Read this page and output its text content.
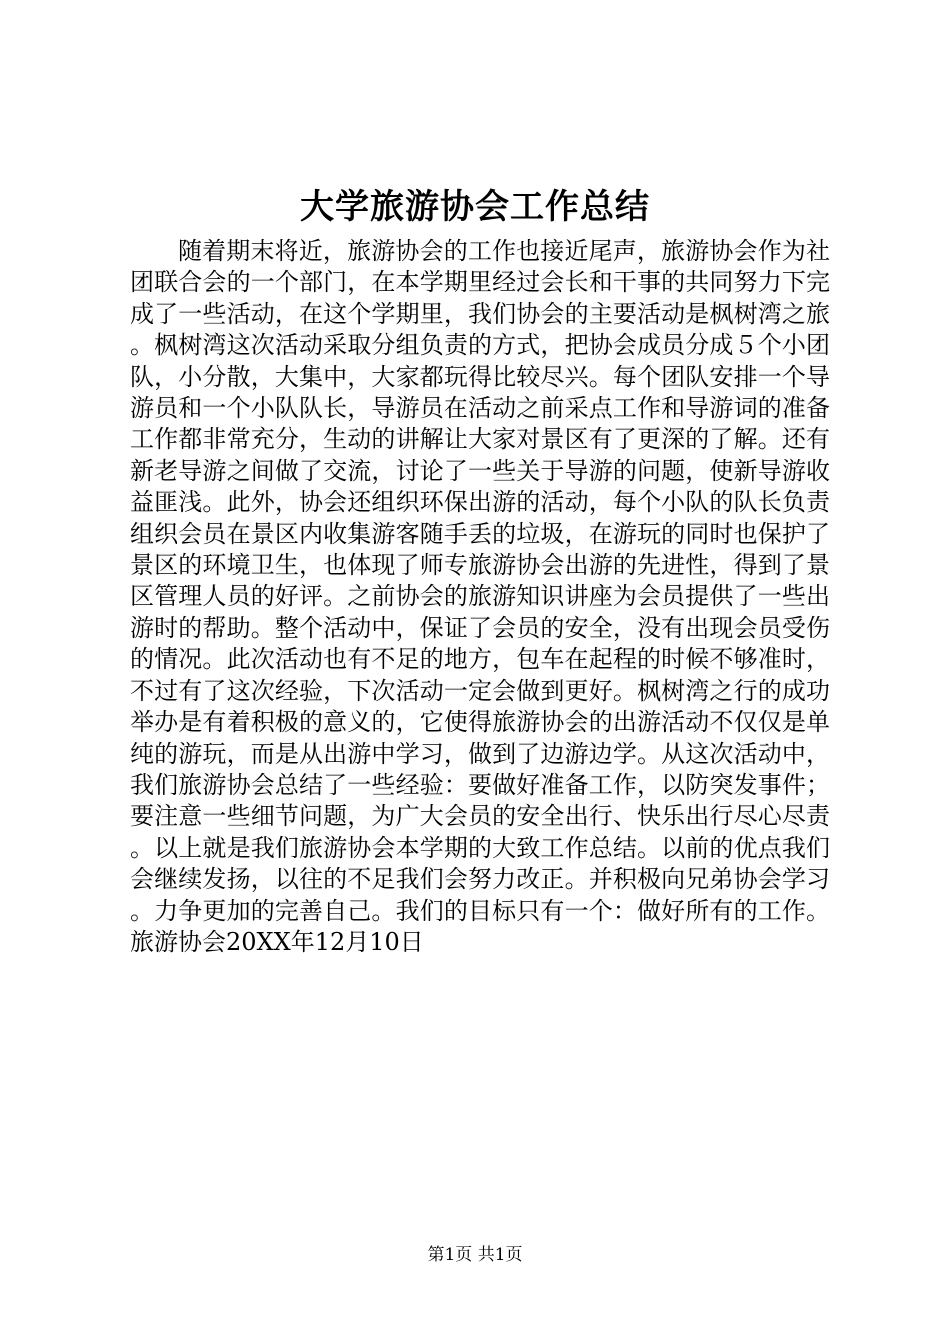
大学旅游协会工作总结

随着期末将近，旅游协会的工作也接近尾声，旅游协会作为社团联合会的一个部门，在本学期里经过会长和干事的共同努力下完成了一些活动，在这个学期里，我们协会的主要活动是枫树湾之旅。枫树湾这次活动采取分组负责的方式，把协会成员分成５个小团队，小分散，大集中，大家都玩得比较尽兴。每个团队安排一个导游员和一个小队队长，导游员在活动之前采点工作和导游词的准备工作都非常充分，生动的讲解让大家对景区有了更深的了解。还有新老导游之间做了交流，讨论了一些关于导游的问题，使新导游收益匪浅。此外，协会还组织环保出游的活动，每个小队的队长负责组织会员在景区内收集游客随手丢的垃圾，在游玩的同时也保护了景区的环境卫生，也体现了师专旅游协会出游的先进性，得到了景区管理人员的好评。之前协会的旅游知识讲座为会员提供了一些出游时的帮助。整个活动中，保证了会员的安全，没有出现会员受伤的情况。此次活动也有不足的地方，包车在起程的时候不够准时，不过有了这次经验，下次活动一定会做到更好。枫树湾之行的成功举办是有着积极的意义的，它使得旅游协会的出游活动不仅仅是单纯的游玩，而是从出游中学习，做到了边游边学。从这次活动中，我们旅游协会总结了一些经验：要做好准备工作，以防突发事件；要注意一些细节问题，为广大会员的安全出行、快乐出行尽心尽责。以上就是我们旅游协会本学期的大致工作总结。以前的优点我们会继续发扬，以往的不足我们会努力改正。并积极向兄弟协会学习。力争更加的完善自己。我们的目标只有一个：做好所有的工作。旅游协会20XX年12月10日

第1页 共1页
